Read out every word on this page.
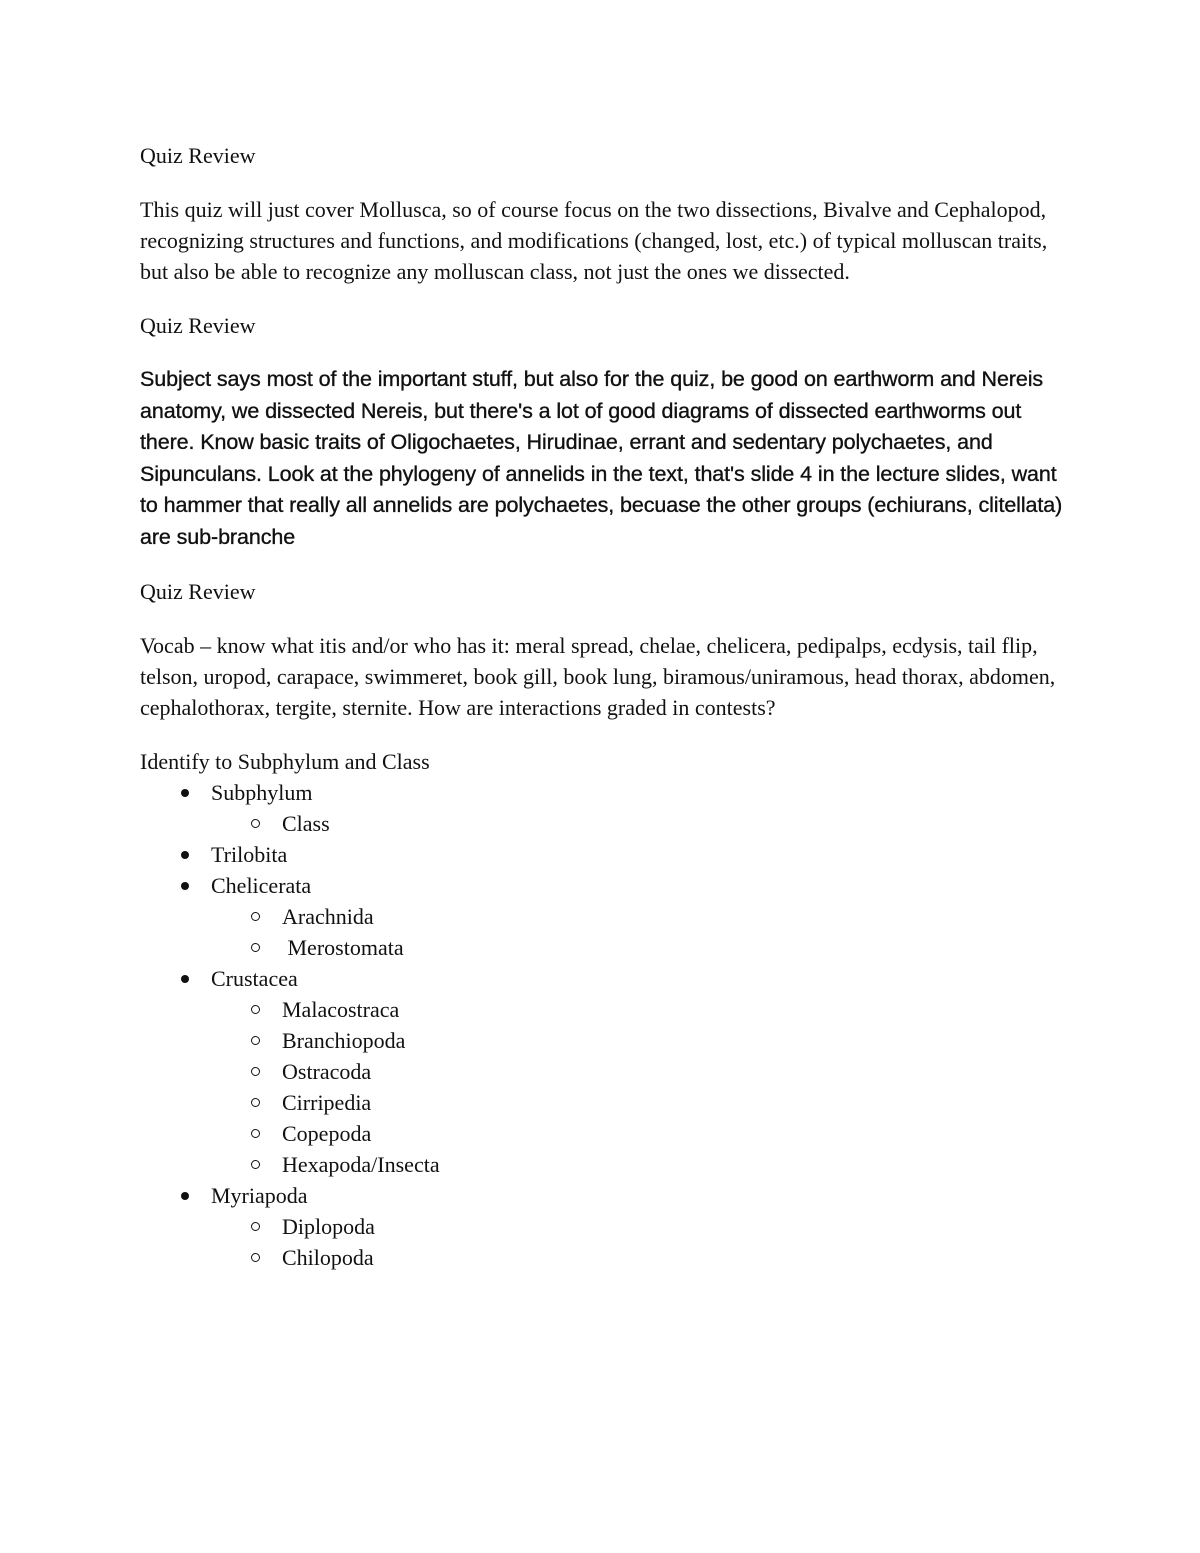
Quiz Review

This quiz will just cover Mollusca, so of course focus on the two dissections, Bivalve and Cephalopod, recognizing structures and functions, and modifications (changed, lost, etc.) of typical molluscan traits, but also be able to recognize any molluscan class, not just the ones we dissected.

Quiz Review

Subject says most of the important stuff, but also for the quiz, be good on earthworm and Nereis anatomy, we dissected Nereis, but there's a lot of good diagrams of dissected earthworms out there. Know basic traits of Oligochaetes, Hirudinae, errant and sedentary polychaetes, and Sipunculans. Look at the phylogeny of annelids in the text, that's slide 4 in the lecture slides, want to hammer that really all annelids are polychaetes, becuase the other groups (echiurans, clitellata) are sub-branche

Quiz Review

Vocab – know what itis and/or who has it: meral spread, chelae, chelicera, pedipalps, ecdysis, tail flip, telson, uropod, carapace, swimmeret, book gill, book lung, biramous/uniramous, head thorax, abdomen, cephalothorax, tergite, sternite. How are interactions graded in contests?

Identify to Subphylum and Class

Subphylum
Class
Trilobita
Chelicerata
Arachnida
Merostomata
Crustacea
Malacostraca
Branchiopoda
Ostracoda
Cirripedia
Copepoda
Hexapoda/Insecta
Myriapoda
Diplopoda
Chilopoda
